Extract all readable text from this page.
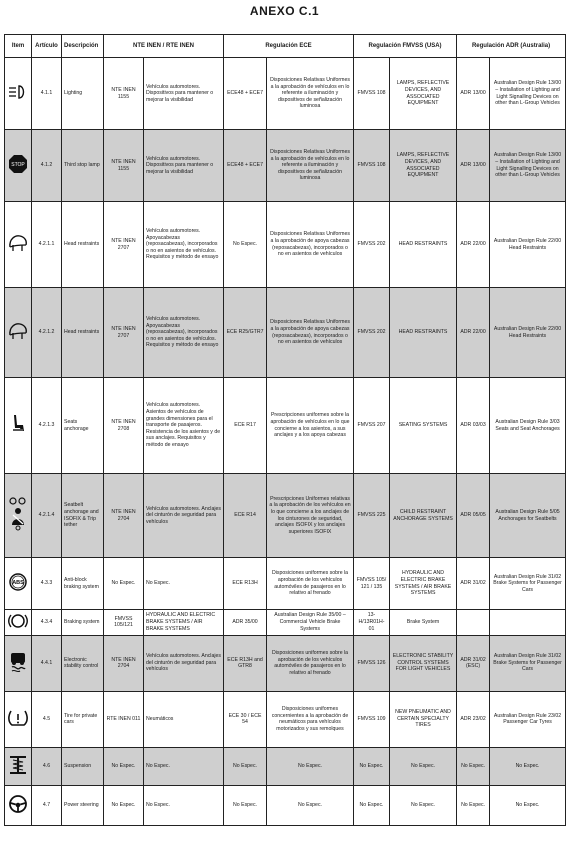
ANEXO C.1
Item	Artículo	Descripción	NTE INEN / RTE INEN		Regulación ECE		Regulación FMVSS (USA)		Regulación ADR (Australia)	

	4.1.1	Lighting	NTE INEN 1155	Vehículos automotores. Dispositivos para mantener o mejorar la visibilidad	ECE48 + ECE7	Disposiciones Relativas Uniformes a la aprobación de vehículos en lo referente a iluminación y dispositivos de señalización luminosa	FMVSS 108	LAMPS, REFLECTIVE DEVICES, AND ASSOCIATED EQUIPMENT	ADR 13/00	Australian Design Rule 13/00 – Installation of Lighting and Light Signalling Devices on other than L-Group Vehicles

STOP	4.1.2	Third stop lamp	NTE INEN 1155	Vehículos automotores. Dispositivos para mantener o mejorar la visibilidad	ECE48 + ECE7	Disposiciones Relativas Uniformes a la aprobación de vehículos en lo referente a iluminación y dispositivos de señalización luminosa	FMVSS 108	LAMPS, REFLECTIVE DEVICES, AND ASSOCIATED EQUIPMENT	ADR 13/00	Australian Design Rule 13/00 – Installation of Lighting and Light Signalling Devices on other than L-Group Vehicles

	4.2.1.1	Head restraints	NTE INEN 2707	Vehículos automotores. Apoyacabezas (reposacabezas), incorporados o no en asientos de vehículos. Requisitos y método de ensayo	No Espec.	Disposiciones Relativas Uniformes a la aprobación de apoya cabezas (reposacabezas), incorporados o no en asientos de vehículos	FMVSS 202	HEAD RESTRAINTS	ADR 22/00	Australian Design Rule 22/00 Head Restraints

	4.2.1.2	Head restraints	NTE INEN 2707	Vehículos automotores. Apoyacabezas (reposacabezas), incorporados o no en asientos de vehículos. Requisitos y método de ensayo	ECE R25/GTR7	Disposiciones Relativas Uniformes a la aprobación de apoya cabezas (reposacabezas), incorporados o no en asientos de vehículos	FMVSS 202	HEAD RESTRAINTS	ADR 22/00	Australian Design Rule 22/00 Head Restraints

	4.2.1.3	Seats anchorage	NTE INEN 2708	Vehículos automotores. Asientos de vehículos de grandes dimensiones para el transporte de pasajeros. Resistencia de los asientos y de sus anclajes. Requisitos y método de ensayo	ECE R17	Prescripciones uniformes sobre la aprobación de vehículos en lo que concierne a los asientos, a sus anclajes y a los apoya cabezas	FMVSS 207	SEATING SYSTEMS	ADR 03/03	Australian Design Rule 3/03 Seats and Seat Anchorages

	4.2.1.4	Seatbelt anchorage and ISOFIX & Trip tether	NTE INEN 2704	Vehículos automotores. Anclajes del cinturón de seguridad para vehículos	ECE R14	Prescripciones Uniformes relativas a la aprobación de los vehículos en lo que concierne a los anclajes de los cinturones de seguridad, anclajes ISOFIX y los anclajes superiores ISOFIX	FMVSS 225	CHILD RESTRAINT ANCHORAGE SYSTEMS	ADR 05/05	Australian Design Rule 5/05 Anchorages for Seatbelts

ABS	4.3.3	Anti-block braking system	No Espec.	No Espec.	ECE R13H	Disposiciones uniformes sobre la aprobación de los vehículos automóviles de pasajeros en lo relativo al frenado	FMVSS 105/ 121 / 135	HYDRAULIC AND ELECTRIC BRAKE SYSTEMS / AIR BRAKE SYSTEMS	ADR 31/02	Australian Design Rule 31/02 Brake Systems for Passenger Cars

	4.3.4	Braking system	FMVSS 105/121	HYDRAULIC AND ELECTRIC BRAKE SYSTEMS / AIR BRAKE SYSTEMS	ADR 35/00	Australian Design Rule 35/00 – Commercial Vehicle Brake Systems	13-H/13R01H-01	Brake System		

	4.4.1	Electronic stability control	NTE INEN 2704	Vehículos automotores. Anclajes del cinturón de seguridad para vehículos	ECE R13H and GTR8	Disposiciones uniformes sobre la aprobación de los vehículos automóviles de pasajeros en lo relativo al frenado	FMVSS 126	ELECTRONIC STABILITY CONTROL SYSTEMS FOR LIGHT VEHICLES	ADR 31/02 (ESC)	Australian Design Rule 31/02 Brake Systems for Passenger Cars

	4.5	Tire for private cars	RTE INEN 011	Neumáticos	ECE 30 / ECE 54	Disposiciones uniformes concernientes a la aprobación de neumáticos para vehículos motorizados y sus remolques	FMVSS 109	NEW PNEUMATIC AND CERTAIN SPECIALTY TIRES	ADR 23/02	Australian Design Rule 23/02 Passenger Car Tyres

	4.6	Suspension	No Espec.	No Espec.	No Espec.	No Espec.	No Espec.	No Espec.	No Espec.	No Espec.

	4.7	Power steering	No Espec.	No Espec.	No Espec.	No Espec.	No Espec.	No Espec.	No Espec.	No Espec.
